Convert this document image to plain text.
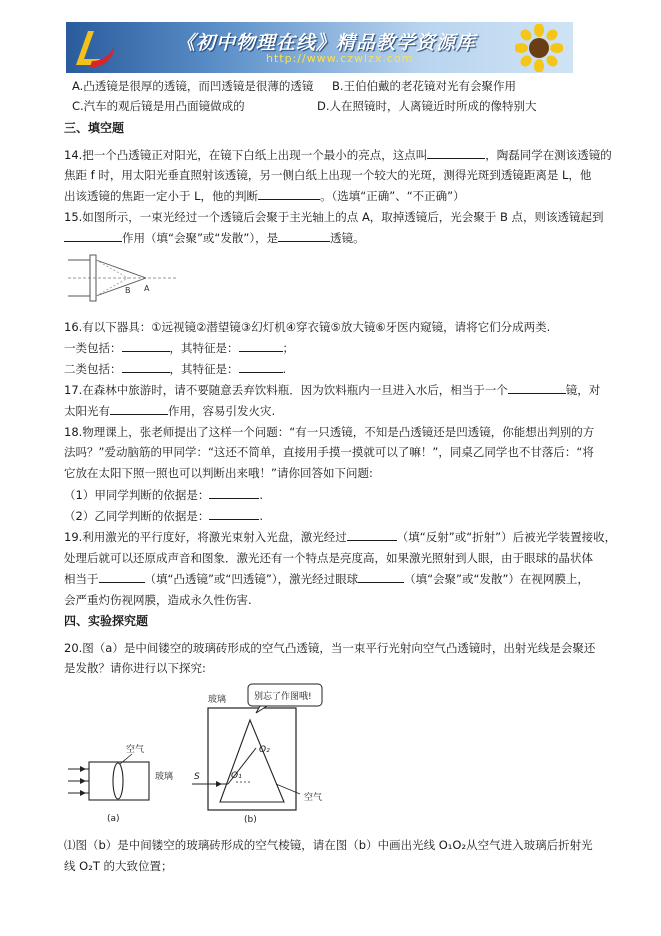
《初中物理在线》精品教学资源库
http://www.czwlzx.com
A.凸透镜是很厚的透镜，而凹透镜是很薄的透镜 B.王伯伯戴的老花镜对光有会聚作用
C.汽车的观后镜是用凸面镜做成的	D.人在照镜时，人离镜近时所成的像特别大
三、填空题
14.把一个凸透镜正对阳光，在镜下白纸上出现一个最小的亮点，这点叫	，陶磊同学在测该透镜的
焦距 f 时，用太阳光垂直照射该透镜，另一侧白纸上出现一个较大的光斑，测得光斑到透镜距离是 L，他
出该透镜的焦距一定小于 L，他的判断	。（选填“正确”、“不正确”）
15.如图所示，一束光经过一个透镜后会聚于主光轴上的点 A，取掉透镜后，光会聚于 B 点，则该透镜起到
作用（填“会聚”或“发散”），是	透镜。
B A
16.有以下器具：①远视镜②潜望镜③幻灯机④穿衣镜⑤放大镜⑥牙医内窥镜，请将它们分成两类.
一类包括：	，其特征是：	；
二类包括：	，其特征是：	.
17.在森林中旅游时，请不要随意丢弃饮料瓶．因为饮料瓶内一旦进入水后，相当于一个	镜，对
太阳光有	作用，容易引发火灾.
18.物理课上，张老师提出了这样一个问题：“有一只透镜，不知是凸透镜还是凹透镜，你能想出判别的方
法吗？”爱动脑筋的甲同学：“这还不简单，直接用手摸一摸就可以了嘛！”，同桌乙同学也不甘落后：“将
它放在太阳下照一照也可以判断出来哦！”请你回答如下问题:
（1）甲同学判断的依据是：	.
（2）乙同学判断的依据是：	.
19.利用激光的平行度好，将激光束射入光盘，激光经过	（填“反射”或“折射”）后被光学装置接收，
处理后就可以还原成声音和图象．激光还有一个特点是亮度高，如果激光照射到人眼，由于眼球的晶状体
相当于	（填“凸透镜”或“凹透镜”），激光经过眼球	（填“会聚”或“发散”）在视网膜上，
会严重灼伤视网膜，造成永久性伤害.
四、实验探究题
20.图（a）是中间镂空的玻璃砖形成的空气凸透镜，当一束平行光射向空气凸透镜时，出射光线是会聚还
是发散？请你进行以下探究:
空气
玻璃
(a)
玻璃	别忘了作图哦!
S	O₁
O₂
空气
(b)
⑴图（b）是中间镂空的玻璃砖形成的空气棱镜，请在图（b）中画出光线 O₁O₂从空气进入玻璃后折射光
线 O₂T 的大致位置；
